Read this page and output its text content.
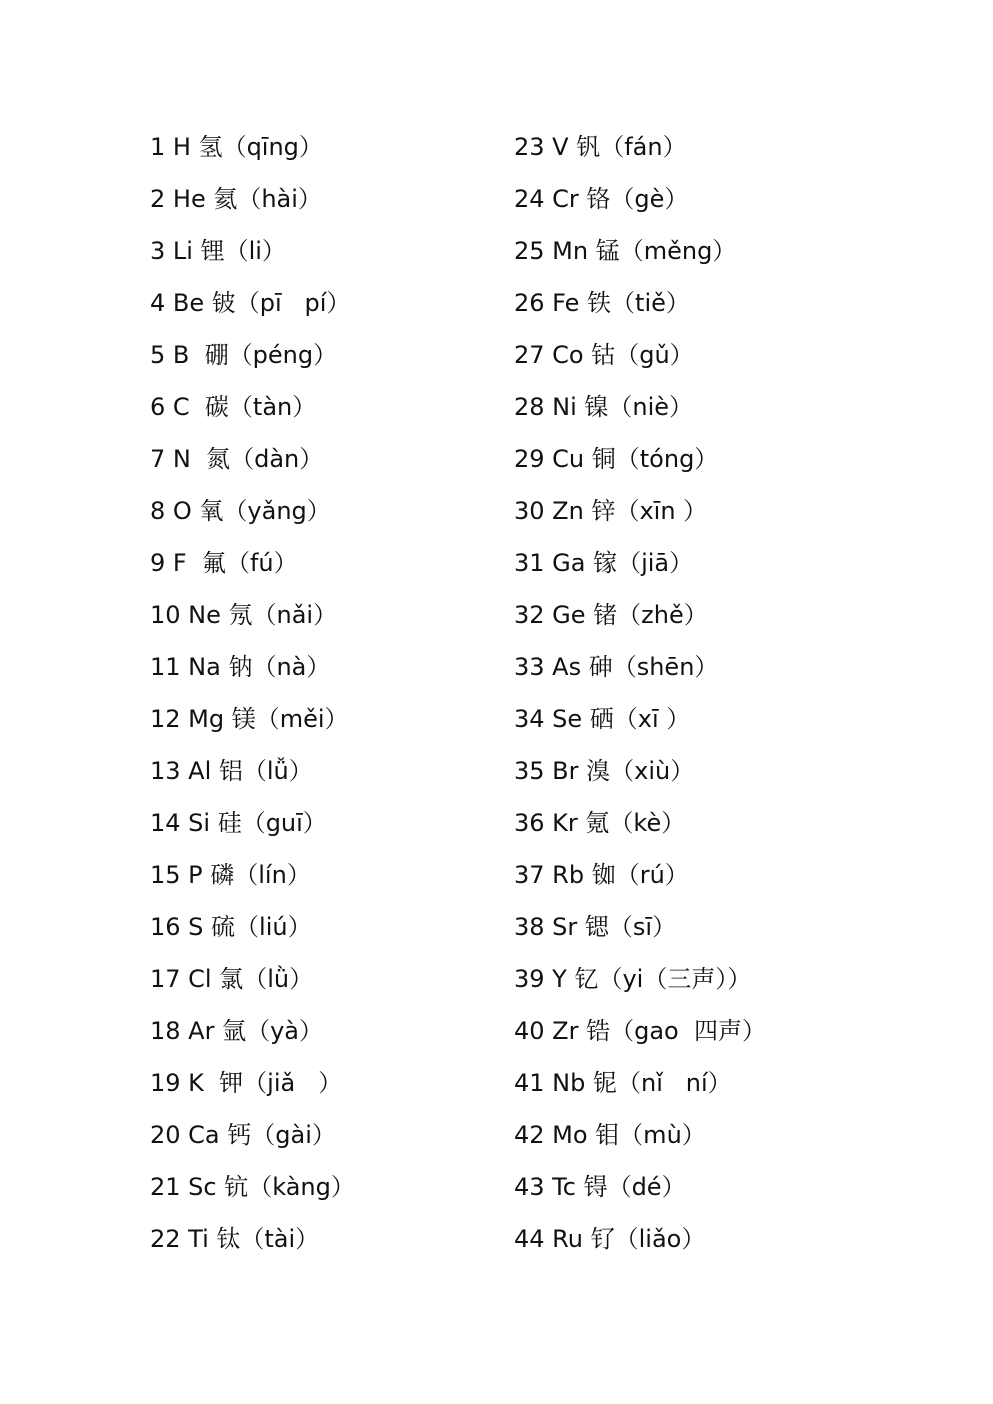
1 H 氢（qīng）
2 He 氦（hài）
3 Li 锂（li）
4 Be 铍（pī   pí）
5 B  硼（péng）
6 C  碳（tàn）
7 N  氮（dàn）
8 O 氧（yǎng）
9 F  氟（fú）
10 Ne 氖（nǎi）
11 Na 钠（nà）
12 Mg 镁（měi）
13 Al 铝（lǚ）
14 Si 硅（guī）
15 P 磷（lín）
16 S 硫（liú）
17 Cl 氯（lǜ）
18 Ar 氩（yà）
19 K  钾（jiǎ   ）
20 Ca 钙（gài）
21 Sc 钪（kàng）
22 Ti 钛（tài）
23 V 钒（fán）
24 Cr 铬（gè）
25 Mn 锰（měng）
26 Fe 铁（tiě）
27 Co 钴（gǔ）
28 Ni 镍（niè）
29 Cu 铜（tóng）
30 Zn 锌（xīn ）
31 Ga 镓（jiā）
32 Ge 锗（zhě）
33 As 砷（shēn）
34 Se 硒（xī ）
35 Br 溴（xiù）
36 Kr 氪（kè）
37 Rb 铷（rú）
38 Sr 锶（sī）
39 Y 钇（yi（三声））
40 Zr 锆（gao  四声）
41 Nb 铌（nǐ   ní）
42 Mo 钼（mù）
43 Tc 锝（dé）
44 Ru 钌（liǎo）
